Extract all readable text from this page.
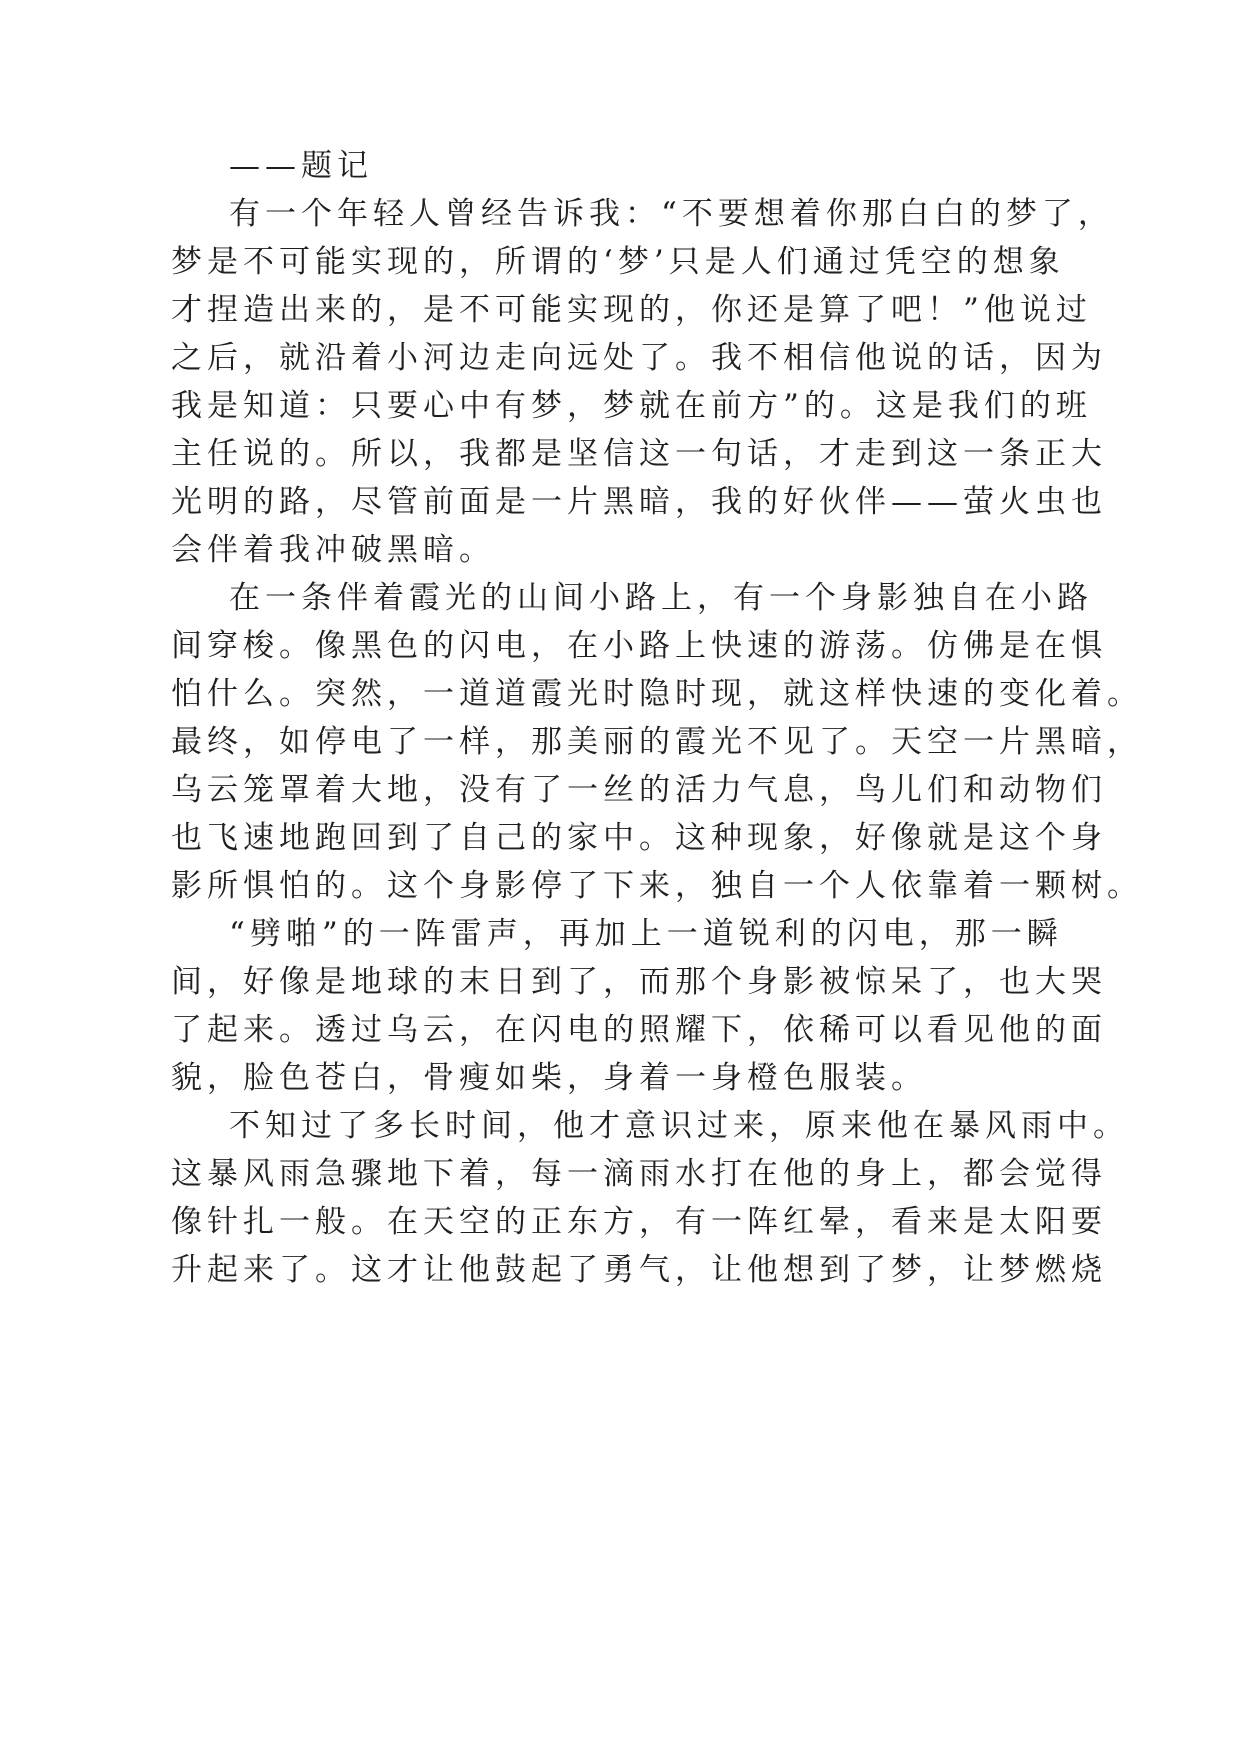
——题记
有一个年轻人曾经告诉我：“不要想着你那白白的梦了，
梦是不可能实现的，所谓的‘梦’只是人们通过凭空的想象
才捏造出来的，是不可能实现的，你还是算了吧！”他说过
之后，就沿着小河边走向远处了。我不相信他说的话，因为
我是知道：只要心中有梦，梦就在前方”的。这是我们的班
主任说的。所以，我都是坚信这一句话，才走到这一条正大
光明的路，尽管前面是一片黑暗，我的好伙伴——萤火虫也
会伴着我冲破黑暗。
在一条伴着霞光的山间小路上，有一个身影独自在小路
间穿梭。像黑色的闪电，在小路上快速的游荡。仿佛是在惧
怕什么。突然，一道道霞光时隐时现，就这样快速的变化着。
最终，如停电了一样，那美丽的霞光不见了。天空一片黑暗，
乌云笼罩着大地，没有了一丝的活力气息，鸟儿们和动物们
也飞速地跑回到了自己的家中。这种现象，好像就是这个身
影所惧怕的。这个身影停了下来，独自一个人依靠着一颗树。
“劈啪”的一阵雷声，再加上一道锐利的闪电，那一瞬
间，好像是地球的末日到了，而那个身影被惊呆了，也大哭
了起来。透过乌云，在闪电的照耀下，依稀可以看见他的面
貌，脸色苍白，骨瘦如柴，身着一身橙色服装。
不知过了多长时间，他才意识过来，原来他在暴风雨中。
这暴风雨急骤地下着，每一滴雨水打在他的身上，都会觉得
像针扎一般。在天空的正东方，有一阵红晕，看来是太阳要
升起来了。这才让他鼓起了勇气，让他想到了梦，让梦燃烧
